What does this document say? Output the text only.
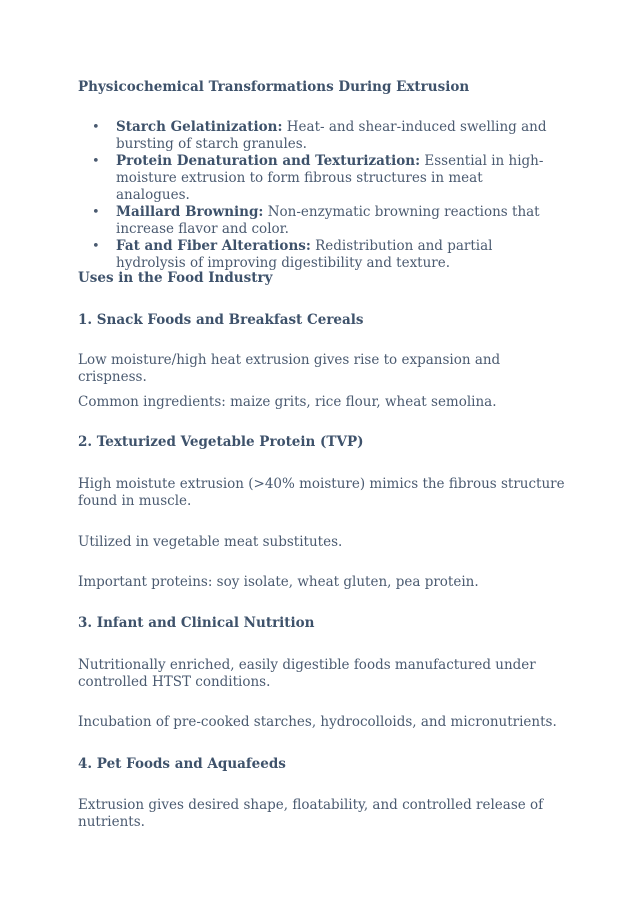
Physicochemical Transformations During Extrusion
• Starch Gelatinization: Heat- and shear-induced swelling and bursting of starch granules.
• Protein Denaturation and Texturization: Essential in high-moisture extrusion to form fibrous structures in meat analogues.
• Maillard Browning: Non-enzymatic browning reactions that increase flavor and color.
• Fat and Fiber Alterations: Redistribution and partial hydrolysis of improving digestibility and texture.
Uses in the Food Industry
1. Snack Foods and Breakfast Cereals
Low moisture/high heat extrusion gives rise to expansion and crispness.
Common ingredients: maize grits, rice flour, wheat semolina.
2. Texturized Vegetable Protein (TVP)
High moistute extrusion (>40% moisture) mimics the fibrous structure found in muscle.
Utilized in vegetable meat substitutes.
Important proteins: soy isolate, wheat gluten, pea protein.
3. Infant and Clinical Nutrition
Nutritionally enriched, easily digestible foods manufactured under controlled HTST conditions.
Incubation of pre-cooked starches, hydrocolloids, and micronutrients.
4. Pet Foods and Aquafeeds
Extrusion gives desired shape, floatability, and controlled release of nutrients.
